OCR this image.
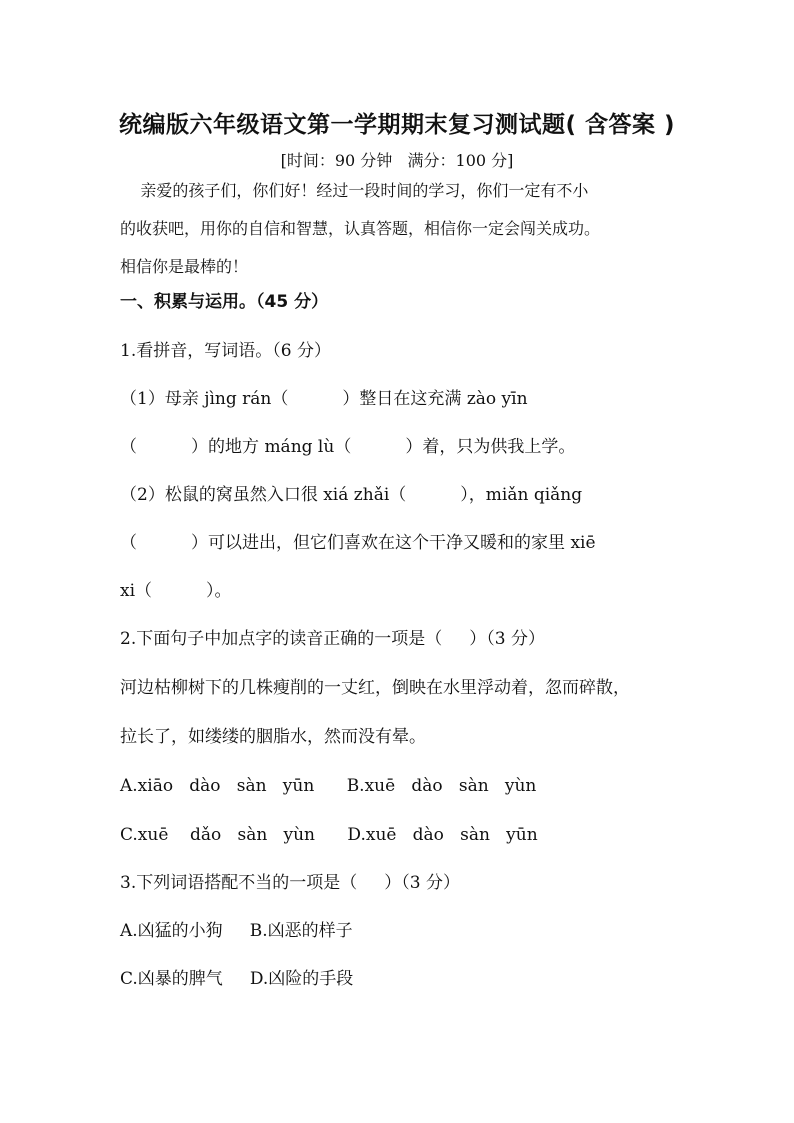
统编版六年级语文第一学期期末复习测试题( 含答案 )
[时间：90 分钟   满分：100 分]
亲爱的孩子们，你们好！经过一段时间的学习，你们一定有不小
的收获吧，用你的自信和智慧，认真答题，相信你一定会闯关成功。
相信你是最棒的！
一、积累与运用。（45 分）
1.看拼音，写词语。（6 分）
（1）母亲 jìng rán（          ）整日在这充满 zào yīn
（          ）的地方 máng lù（          ）着，只为供我上学。
（2）松鼠的窝虽然入口很 xiá zhǎi（          ），miǎn qiǎng
（          ）可以进出，但它们喜欢在这个干净又暖和的家里 xiē
xi（          ）。
2.下面句子中加点字的读音正确的一项是（     ）（3 分）
河边枯柳树下的几株瘦削的一丈红，倒映在水里浮动着，忽而碎散，
拉长了，如缕缕的胭脂水，然而没有晕。
A.xiāo   dào   sàn   yūn      B.xuē   dào   sàn   yùn
C.xuē    dǎo   sàn   yùn      D.xuē   dào   sàn   yūn
3.下列词语搭配不当的一项是（     ）（3 分）
A.凶猛的小狗     B.凶恶的样子
C.凶暴的脾气     D.凶险的手段
